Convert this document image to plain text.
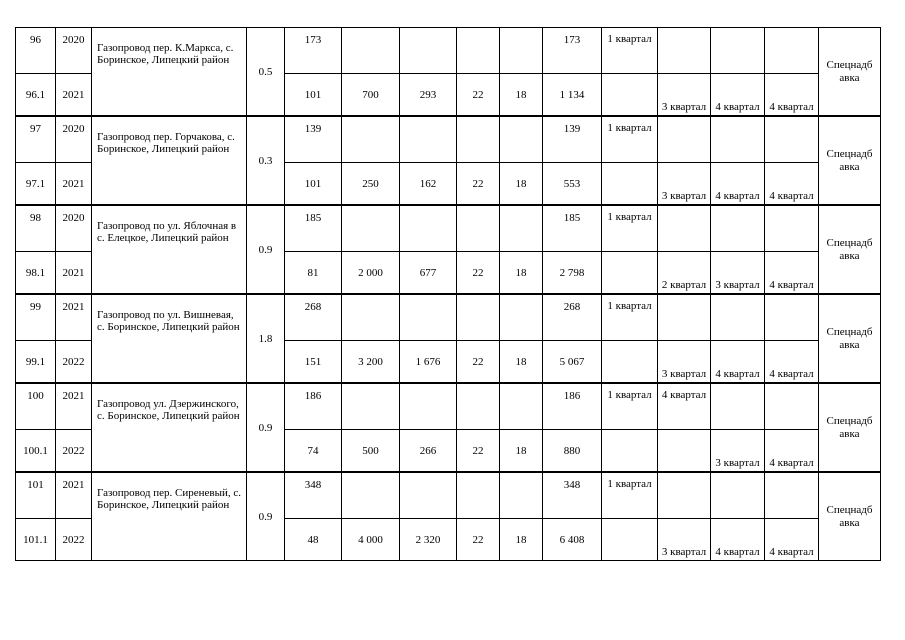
96	2020	Газопровод пер. К.Маркса, с. Боринское, Липецкий район	0.5	173					173	1 квартал				Спецнадб авка
96.1	2021			101	700	293	22	18	1 134		3 квартал	4 квартал	4 квартал	
97	2020	Газопровод пер. Горчакова, с. Боринское, Липецкий район	0.3	139					139	1 квартал				Спецнадб авка
97.1	2021			101	250	162	22	18	553		3 квартал	4 квартал	4 квартал	
98	2020	Газопровод по ул. Яблочная в с. Елецкое, Липецкий район	0.9	185					185	1 квартал				Спецнадб авка
98.1	2021			81	2 000	677	22	18	2 798		2 квартал	3 квартал	4 квартал	
99	2021	Газопровод по ул. Вишневая, с. Боринское, Липецкий район	1.8	268					268	1 квартал				Спецнадб авка
99.1	2022			151	3 200	1 676	22	18	5 067		3 квартал	4 квартал	4 квартал	
100	2021	Газопровод ул. Дзержинского, с. Боринское, Липецкий район	0.9	186					186	1 квартал	4 квартал			Спецнадб авка
100.1	2022			74	500	266	22	18	880			3 квартал	4 квартал	
101	2021	Газопровод пер. Сиреневый, с. Боринское, Липецкий район	0.9	348					348	1 квартал				Спецнадб авка
101.1	2022			48	4 000	2 320	22	18	6 408		3 квартал	4 квартал	4 квартал	
